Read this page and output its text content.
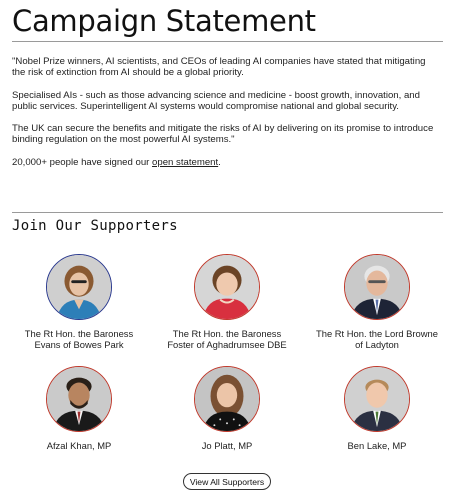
Campaign Statement

"Nobel Prize winners, AI scientists, and CEOs of leading AI companies have stated that mitigating the risk of extinction from AI should be a global priority.

Specialised AIs - such as those advancing science and medicine - boost growth, innovation, and public services. Superintelligent AI systems would compromise national and global security.

The UK can secure the benefits and mitigate the risks of AI by delivering on its promise to introduce binding regulation on the most powerful AI systems."

20,000+ people have signed our open statement.

Join Our Supporters
The Rt Hon. the Baroness
Evans of Bowes Park
The Rt Hon. the Baroness
Foster of Aghadrumsee DBE
The Rt Hon. the Lord Browne
of Ladyton
Afzal Khan, MP	Jo Platt, MP	Ben Lake, MP
View All Supporters
